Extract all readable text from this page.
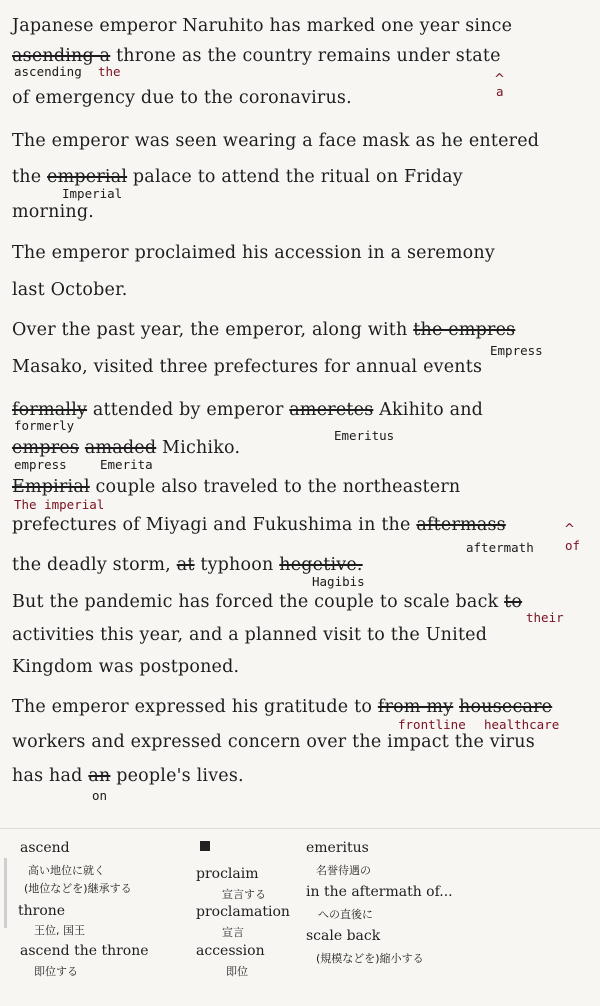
Japanese emperor Naruhito has marked one year since
asending a throne as the country remains under state
ascending the
^
a
of emergency due to the coronavirus.
The emperor was seen wearing a face mask as he entered
the emperial palace to attend the ritual on Friday
Imperial
morning.
The emperor proclaimed his accession in a seremony
last October.
Over the past year, the emperor, along with the empres
Empress
Masako, visited three prefectures for annual events
formally attended by emperor ameretes Akihito and
formerly
Emeritus
empres amaded Michiko.
empress	Emerita
Empirial couple also traveled to the northeastern
The imperial
prefectures of Miyagi and Fukushima in the aftermass
aftermath
^
of
the deadly storm, at typhoon hegetive.
Hagibis
But the pandemic has forced the couple to scale back to
their
activities this year, and a planned visit to the United
Kingdom was postponed.
The emperor expressed his gratitude to from my housecare
frontline healthcare
workers and expressed concern over the impact the virus
has had an people's lives.
on
ascend
高い地位に就く
(地位などを)継承する
throne
王位, 国王
ascend the throne
即位する
proclaim
宣言する
proclamation
宣言
accession
即位
emeritus
名誉待遇の
in the aftermath of...
への直後に
scale back
(規模などを)縮小する
